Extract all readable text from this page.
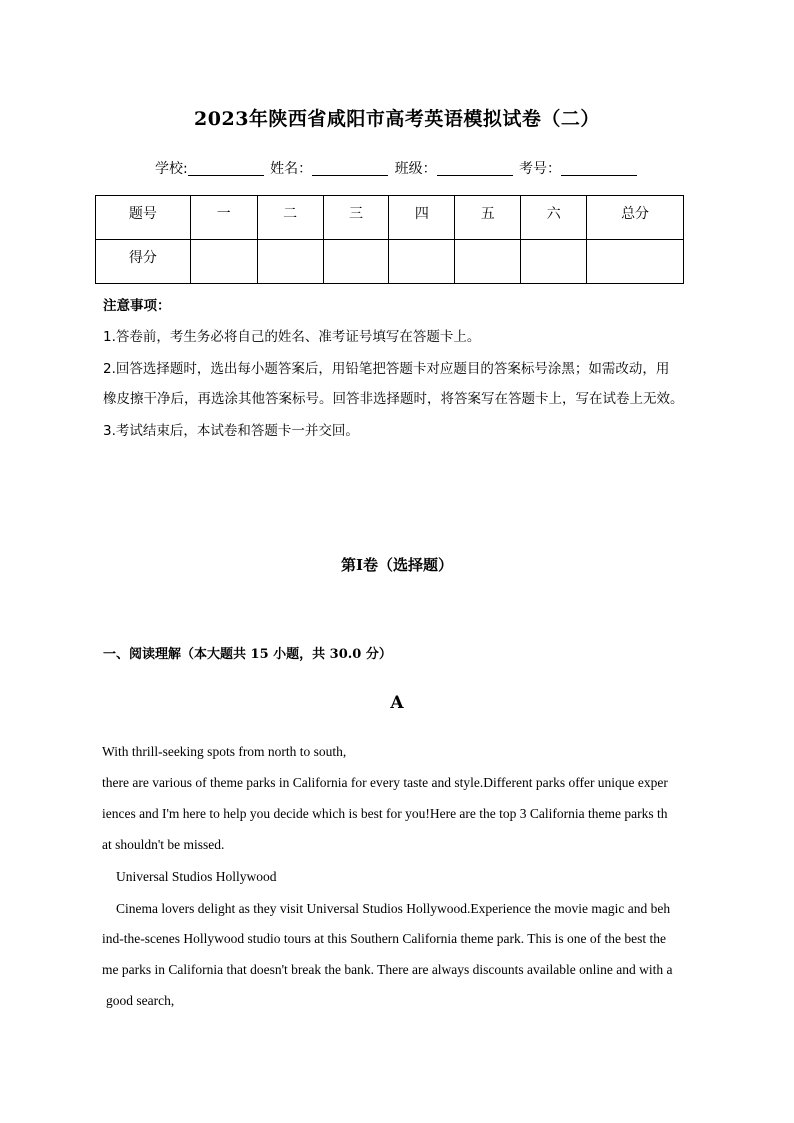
2023年陕西省咸阳市高考英语模拟试卷（二）
学校:	姓名：	班级：	考号：
题号	一	二	三	四	五	六	总分
得分							
注意事项：
1.答卷前，考生务必将自己的姓名、准考证号填写在答题卡上。
2.回答选择题时，选出每小题答案后，用铅笔把答题卡对应题目的答案标号涂黑；如需改动，用
橡皮擦干净后，再选涂其他答案标号。回答非选择题时，将答案写在答题卡上，写在试卷上无效。
3.考试结束后，本试卷和答题卡一并交回。
第Ⅰ卷（选择题）
一、阅读理解（本大题共 15 小题，共 30.0 分）
A
With thrill-seeking spots from north to south,
there are various of theme parks in California for every taste and style.Different parks offer unique exper
iences and I'm here to help you decide which is best for you!Here are the top 3 California theme parks th
at shouldn't be missed.
Universal Studios Hollywood
Cinema lovers delight as they visit Universal Studios Hollywood.Experience the movie magic and beh
ind-the-scenes Hollywood studio tours at this Southern California theme park. This is one of the best the
me parks in California that doesn't break the bank. There are always discounts available online and with a
good search,
